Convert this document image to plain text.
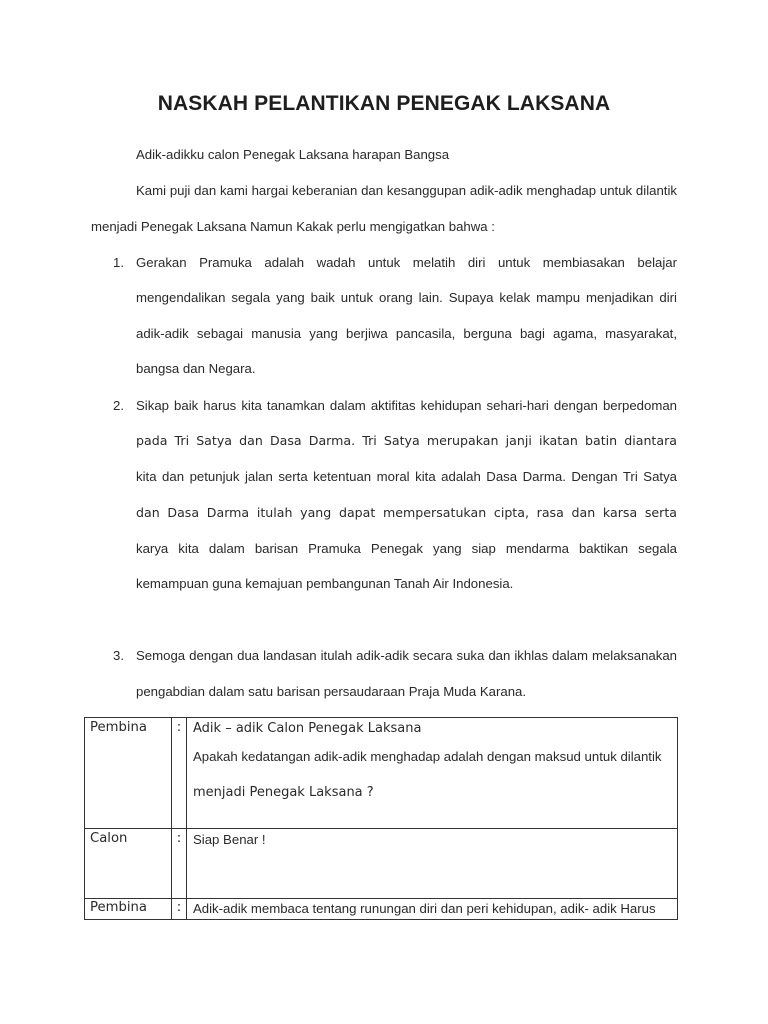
NASKAH PELANTIKAN PENEGAK LAKSANA
Adik-adikku calon Penegak Laksana harapan Bangsa
Kami puji dan kami hargai keberanian dan kesanggupan adik-adik menghadap untuk dilantik
menjadi Penegak Laksana Namun Kakak perlu mengigatkan bahwa :
1. Gerakan Pramuka adalah wadah untuk melatih diri untuk membiasakan belajar
mengendalikan segala yang baik untuk orang lain. Supaya kelak mampu menjadikan diri
adik-adik sebagai manusia yang berjiwa pancasila, berguna bagi agama, masyarakat,
bangsa dan Negara.
2. Sikap baik harus kita tanamkan dalam aktifitas kehidupan sehari-hari dengan berpedoman
pada Tri Satya dan Dasa Darma. Tri Satya merupakan janji ikatan batin diantara
kita dan petunjuk jalan serta ketentuan moral kita adalah Dasa Darma. Dengan Tri Satya
dan Dasa Darma itulah yang dapat mempersatukan cipta, rasa dan karsa serta
karya kita dalam barisan Pramuka Penegak yang siap mendarma baktikan segala
kemampuan guna kemajuan pembangunan Tanah Air Indonesia.
3. Semoga dengan dua landasan itulah adik-adik secara suka dan ikhlas dalam melaksanakan
pengabdian dalam satu barisan persaudaraan Praja Muda Karana.
Pembina	:	Adik – adik Calon Penegak Laksana
Apakah kedatangan adik-adik menghadap adalah dengan maksud untuk dilantik
menjadi Penegak Laksana ?

Calon	:	Siap Benar !

Pembina	:	Adik-adik membaca tentang runungan diri dan peri kehidupan, adik- adik Harus
